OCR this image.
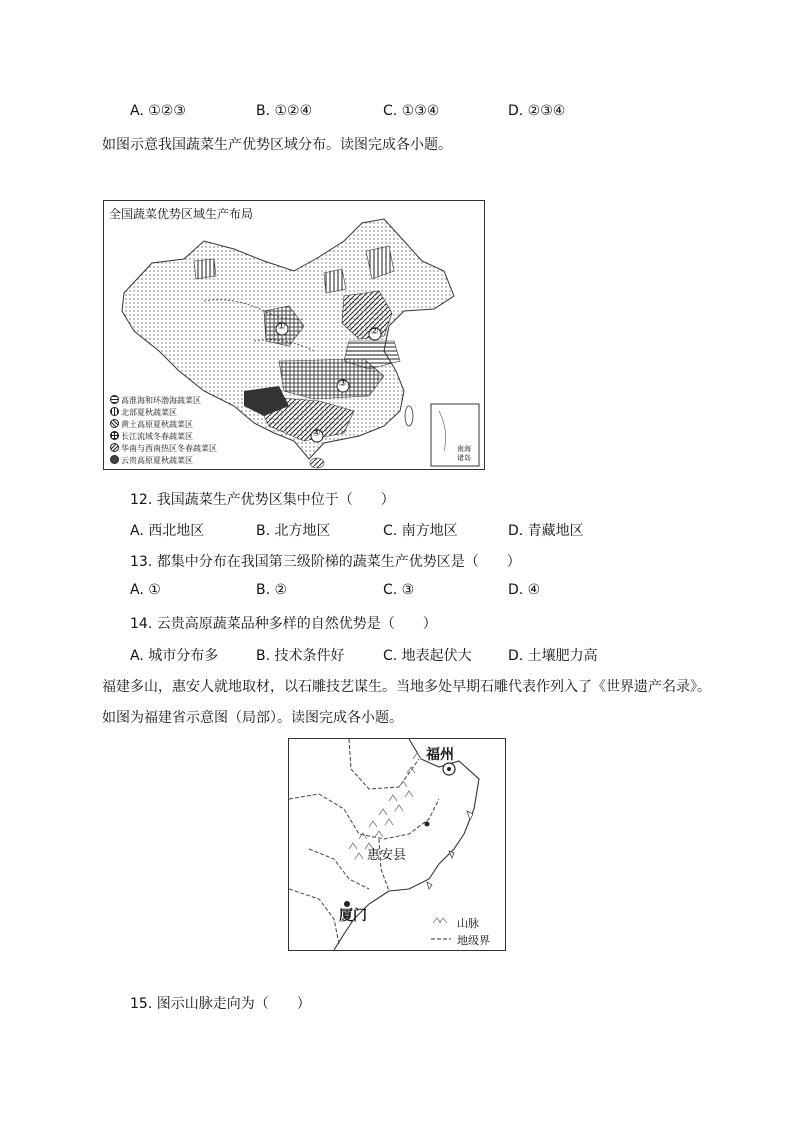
A. ①②③	B. ①②④	C. ①③④	D. ②③④
如图示意我国蔬菜生产优势区域分布。读图完成各小题。
全国蔬菜优势区域生产布局
①	②
③
④
南海诸岛
高淮海和环渤海蔬菜区
北部夏秋蔬菜区
黄土高原夏秋蔬菜区
长江流域冬春蔬菜区
华南与西南热区冬春蔬菜区
云贵高原夏秋蔬菜区
12. 我国蔬菜生产优势区集中位于（　　）
A. 西北地区	B. 北方地区	C. 南方地区	D. 青藏地区
13. 都集中分布在我国第三级阶梯的蔬菜生产优势区是（　　）
A. ①	B. ②	C. ③	D. ④
14. 云贵高原蔬菜品种多样的自然优势是（　　）
A. 城市分布多	B. 技术条件好	C. 地表起伏大	D. 土壤肥力高
福建多山，惠安人就地取材，以石雕技艺谋生。当地多处早期石雕代表作列入了《世界遗产名录》。
如图为福建省示意图（局部）。读图完成各小题。
福州
惠安县
厦门	山脉
地级界
15. 图示山脉走向为（　　）
